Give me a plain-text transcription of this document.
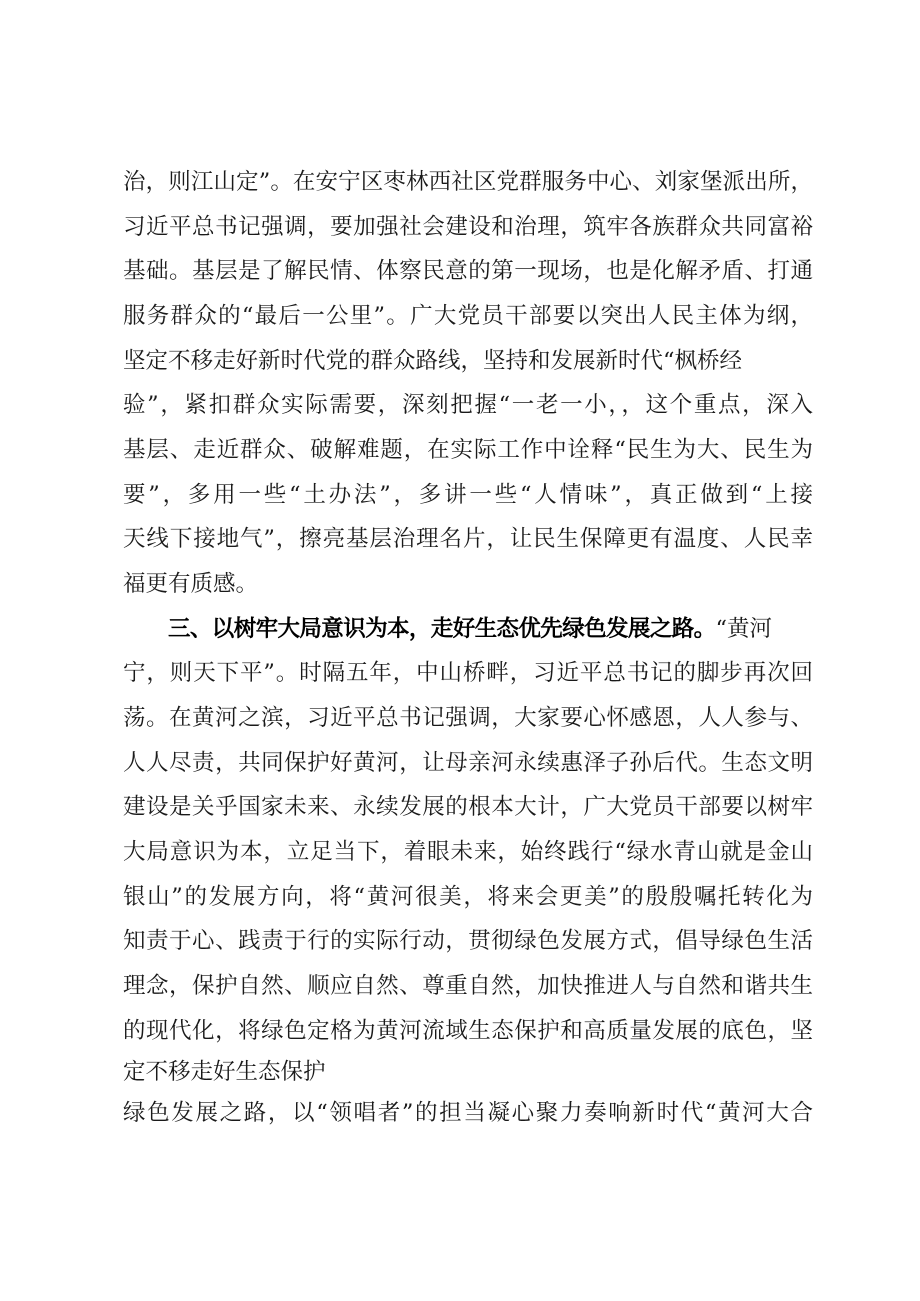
治，则江山定”。在安宁区枣林西社区党群服务中心、刘家堡派出所，
习近平总书记强调，要加强社会建设和治理，筑牢各族群众共同富裕
基础。基层是了解民情、体察民意的第一现场，也是化解矛盾、打通
服务群众的“最后一公里”。广大党员干部要以突出人民主体为纲，
坚定不移走好新时代党的群众路线，坚持和发展新时代“枫桥经
验”，紧扣群众实际需要，深刻把握“一老一小，，这个重点，深入
基层、走近群众、破解难题，在实际工作中诠释“民生为大、民生为
要”，多用一些“土办法”，多讲一些“人情味”，真正做到“上接
天线下接地气”，擦亮基层治理名片，让民生保障更有温度、人民幸
福更有质感。
三、以树牢大局意识为本，走好生态优先绿色发展之路。“黄河
宁，则天下平”。时隔五年，中山桥畔，习近平总书记的脚步再次回
荡。在黄河之滨，习近平总书记强调，大家要心怀感恩，人人参与、
人人尽责，共同保护好黄河，让母亲河永续惠泽子孙后代。生态文明
建设是关乎国家未来、永续发展的根本大计，广大党员干部要以树牢
大局意识为本，立足当下，着眼未来，始终践行“绿水青山就是金山
银山”的发展方向，将“黄河很美，将来会更美”的殷殷嘱托转化为
知责于心、践责于行的实际行动，贯彻绿色发展方式，倡导绿色生活
理念，保护自然、顺应自然、尊重自然，加快推进人与自然和谐共生
的现代化，将绿色定格为黄河流域生态保护和高质量发展的底色，坚
定不移走好生态保护
绿色发展之路，以“领唱者”的担当凝心聚力奏响新时代“黄河大合
